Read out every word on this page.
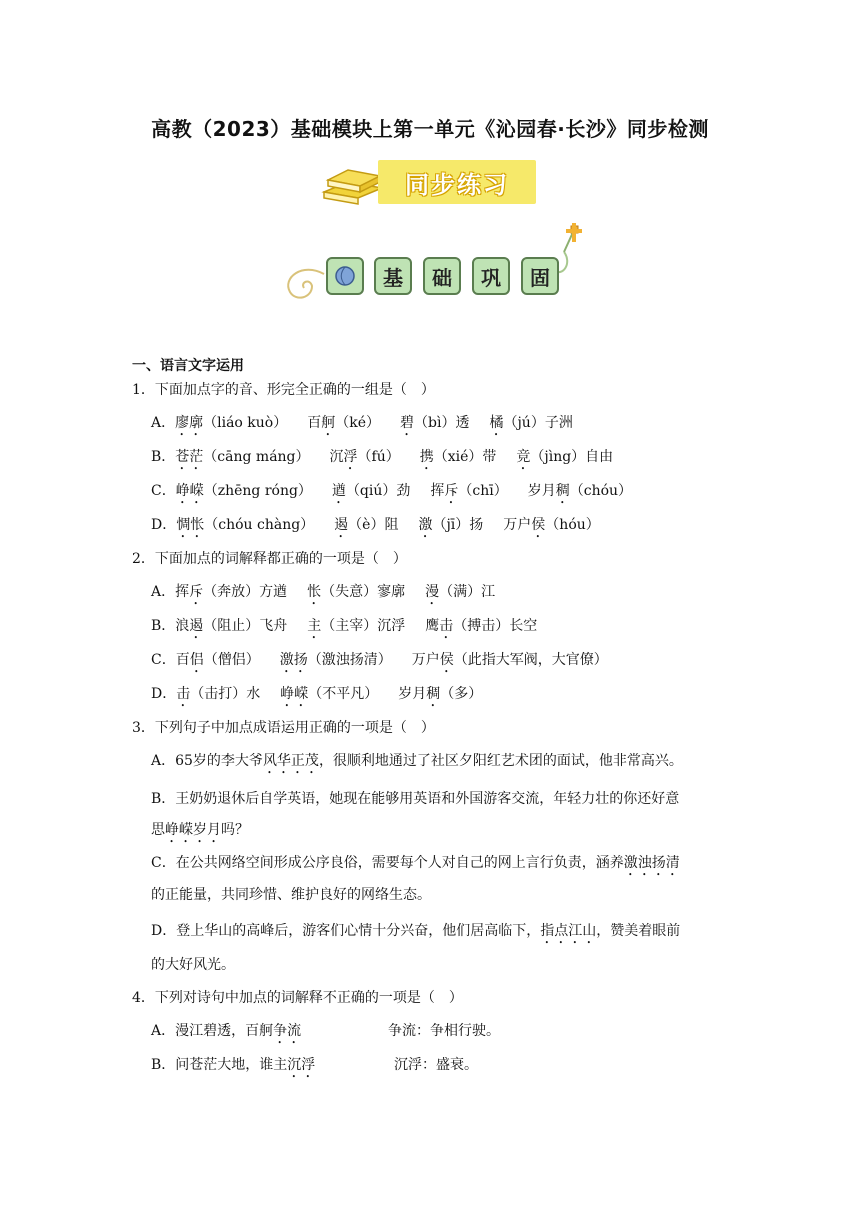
高教（2023）基础模块上第一单元《沁园春·长沙》同步检测
同步练习
基	础	巩	固
一、语言文字运用
1．下面加点字的音、形完全正确的一组是（　）
A．廖廓（liáo kuò） 百舸（ké） 碧（bì）透 橘（jú）子洲
B．苍茫（cāng máng） 沉浮（fú） 携（xié）带 竞（jìng）自由
C．峥嵘（zhēng róng） 遒（qiú）劲 挥斥（chī） 岁月稠（chóu）
D．惆怅（chóu chàng） 遏（è）阻 激（jī）扬 万户侯（hóu）
2．下面加点的词解释都正确的一项是（　）
A．挥斥（奔放）方遒 怅（失意）寥廓 漫（满）江
B．浪遏（阻止）飞舟 主（主宰）沉浮 鹰击（搏击）长空
C．百侣（僧侣） 激扬（激浊扬清） 万户侯（此指大军阀，大官僚）
D．击（击打）水 峥嵘（不平凡） 岁月稠（多）
3．下列句子中加点成语运用正确的一项是（　）
A．65岁的李大爷风华正茂，很顺利地通过了社区夕阳红艺术团的面试，他非常高兴。
B．王奶奶退休后自学英语，她现在能够用英语和外国游客交流，年轻力壮的你还好意
思峥嵘岁月吗？
C．在公共网络空间形成公序良俗，需要每个人对自己的网上言行负责，涵养激浊扬清
的正能量，共同珍惜、维护良好的网络生态。
D．登上华山的高峰后，游客们心情十分兴奋，他们居高临下，指点江山，赞美着眼前
的大好风光。
4．下列对诗句中加点的词解释不正确的一项是（　）
A．漫江碧透，百舸争流	争流：争相行驶。
B．问苍茫大地，谁主沉浮	沉浮：盛衰。
